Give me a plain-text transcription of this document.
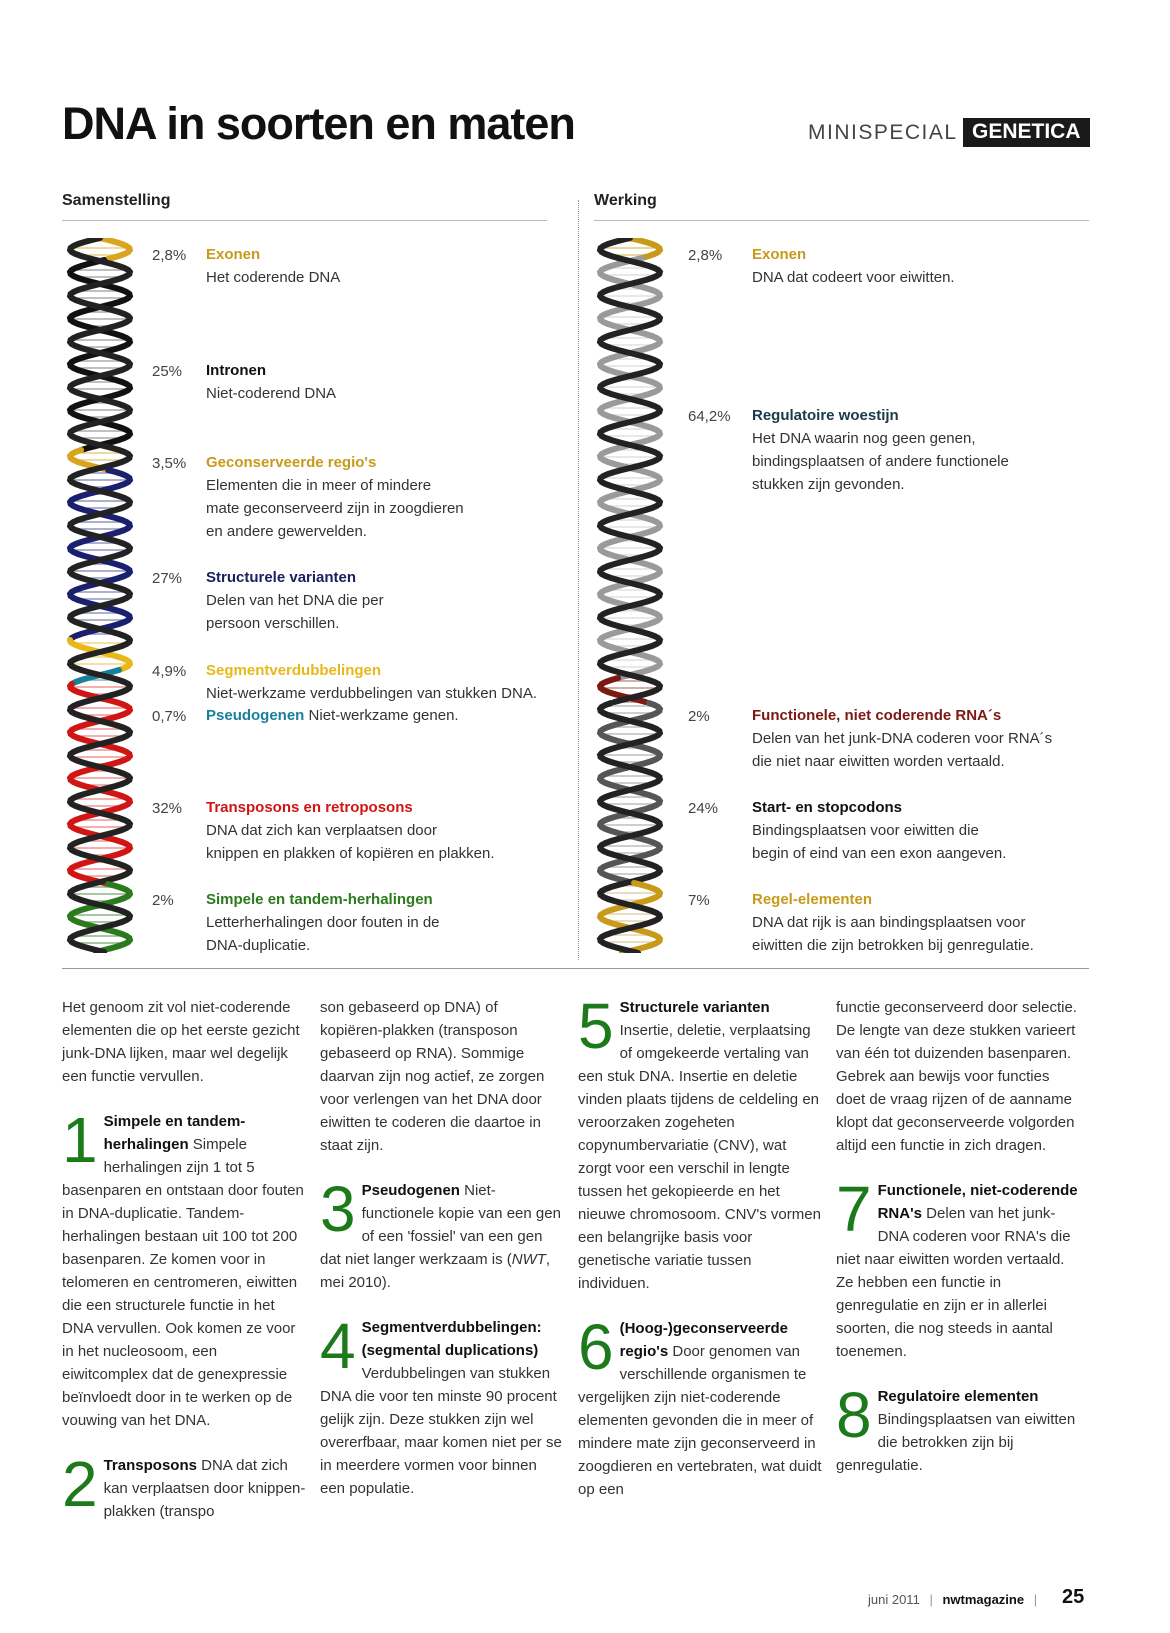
DNA in soorten en maten	MINISPECIAL GENETICA
Samenstelling	Werking
2,8% Exonen
Het coderende DNA
25% Intronen
Niet-coderend DNA
3,5% Geconserveerde regio's
Elementen die in meer of mindere
mate geconserveerd zijn in zoogdieren
en andere gewervelden.
27% Structurele varianten
Delen van het DNA die per
persoon verschillen.
4,9% Segmentverdubbelingen
Niet-werkzame verdubbelingen van stukken DNA.
0,7% Pseudogenen Niet-werkzame genen.
32% Transposons en retroposons
DNA dat zich kan verplaatsen door
knippen en plakken of kopiëren en plakken.
2% Simpele en tandem-herhalingen
Letterherhalingen door fouten in de
DNA-duplicatie.
2,8% Exonen
DNA dat codeert voor eiwitten.
64,2% Regulatoire woestijn
Het DNA waarin nog geen genen,
bindingsplaatsen of andere functionele
stukken zijn gevonden.
2%	Functionele, niet coderende RNA´s
Delen van het junk-DNA coderen voor RNA´s
die niet naar eiwitten worden vertaald.
24% Start- en stopcodons
Bindingsplaatsen voor eiwitten die
begin of eind van een exon aangeven.
7%	Regel-elementen
DNA dat rijk is aan bindingsplaatsen voor
eiwitten die zijn betrokken bij genregulatie.

Het genoom zit vol niet-coderende elementen die op het eerste gezicht junk-DNA lijken, maar wel degelijk een functie vervullen.

1 Simpele en tandem-herhalingen Simpele herhalingen zijn 1 tot 5 basenparen en ontstaan door fouten in DNA-duplicatie. Tandem-herhalingen bestaan uit 100 tot 200 basenparen. Ze komen voor in telomeren en centromeren, eiwitten die een structurele functie in het DNA vervullen. Ook komen ze voor in het nucleosoom, een eiwitcomplex dat de genexpressie beïnvloedt door in te werken op de vouwing van het DNA.
2 Transposons DNA dat zich kan verplaatsen door knippen-plakken (transpo

son gebaseerd op DNA) of kopiëren-plakken (transposon gebaseerd op RNA). Sommige daarvan zijn nog actief, ze zorgen voor verlengen van het DNA door eiwitten te coderen die daartoe in staat zijn.

3 Pseudogenen Niet-functionele kopie van een gen of een 'fossiel' van een gen dat niet langer werkzaam is (NWT, mei 2010).
4 Segmentverdubbelingen: (segmental duplications) Verdubbelingen van stukken DNA die voor ten minste 90 procent gelijk zijn. Deze stukken zijn wel overerfbaar, maar komen niet per se in meerdere vormen voor binnen een populatie.
5 Structurele varianten Insertie, deletie, verplaatsing of omgekeerde vertaling van een stuk DNA. Insertie en deletie vinden plaats tijdens de celdeling en veroorzaken zogeheten copynumbervariatie (CNV), wat zorgt voor een verschil in lengte tussen het gekopieerde en het nieuwe chromosoom. CNV's vormen een belangrijke basis voor genetische variatie tussen individuen.
6 (Hoog-)geconserveerde regio's Door genomen van verschillende organismen te vergelijken zijn niet-coderende elementen gevonden die in meer of mindere mate zijn geconserveerd in zoogdieren en vertebraten, wat duidt op een

functie geconserveerd door selectie. De lengte van deze stukken varieert van één tot duizenden basenparen. Gebrek aan bewijs voor functies doet de vraag rijzen of de aanname klopt dat geconserveerde volgorden altijd een functie in zich dragen.

7 Functionele, niet-coderende RNA's Delen van het junk-DNA coderen voor RNA's die niet naar eiwitten worden vertaald. Ze hebben een functie in genregulatie en zijn er in allerlei soorten, die nog steeds in aantal toenemen.
8 Regulatoire elementen Bindingsplaatsen van eiwitten die betrokken zijn bij genregulatie.
juni 2011 | nwtmagazine | 25
